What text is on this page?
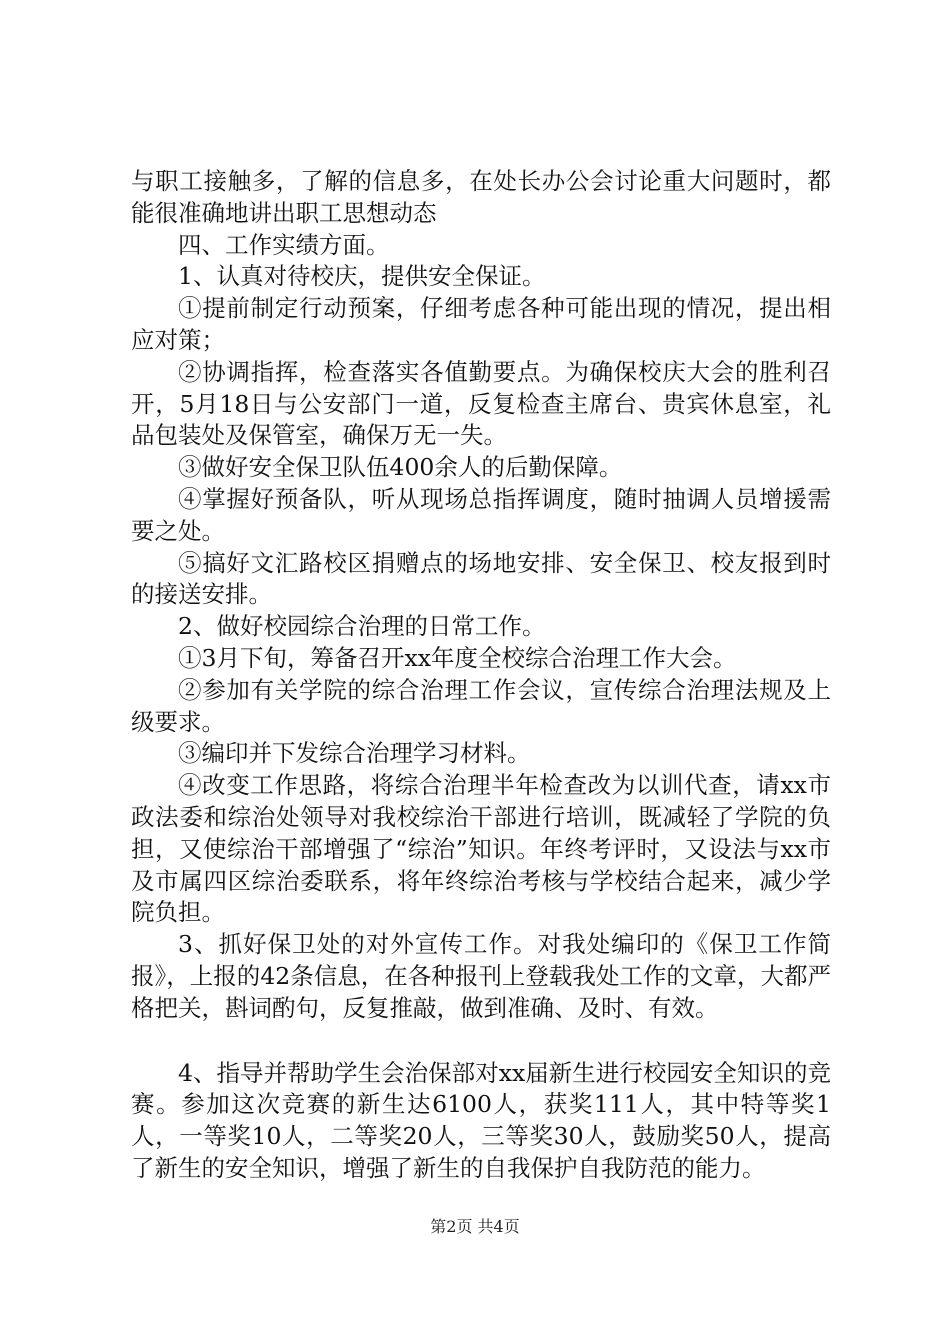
与职工接触多，了解的信息多，在处长办公会讨论重大问题时，都能很准确地讲出职工思想动态

四、工作实绩方面。

1、认真对待校庆，提供安全保证。

①提前制定行动预案，仔细考虑各种可能出现的情况，提出相应对策；

②协调指挥，检查落实各值勤要点。为确保校庆大会的胜利召开，5月18日与公安部门一道，反复检查主席台、贵宾休息室，礼品包装处及保管室，确保万无一失。

③做好安全保卫队伍400余人的后勤保障。

④掌握好预备队，听从现场总指挥调度，随时抽调人员增援需要之处。

⑤搞好文汇路校区捐赠点的场地安排、安全保卫、校友报到时的接送安排。

2、做好校园综合治理的日常工作。

①3月下旬，筹备召开xx年度全校综合治理工作大会。

②参加有关学院的综合治理工作会议，宣传综合治理法规及上级要求。

③编印并下发综合治理学习材料。

④改变工作思路，将综合治理半年检查改为以训代查，请xx市政法委和综治处领导对我校综治干部进行培训，既减轻了学院的负担，又使综治干部增强了“综治”知识。年终考评时，又设法与xx市及市属四区综治委联系，将年终综治考核与学校结合起来，减少学院负担。

3、抓好保卫处的对外宣传工作。对我处编印的《保卫工作简报》，上报的42条信息，在各种报刊上登载我处工作的文章，大都严格把关，斟词酌句，反复推敲，做到准确、及时、有效。

4、指导并帮助学生会治保部对xx届新生进行校园安全知识的竞赛。参加这次竞赛的新生达6100人，获奖111人，其中特等奖1人，一等奖10人，二等奖20人，三等奖30人，鼓励奖50人，提高了新生的安全知识，增强了新生的自我保护自我防范的能力。

第2页 共4页
